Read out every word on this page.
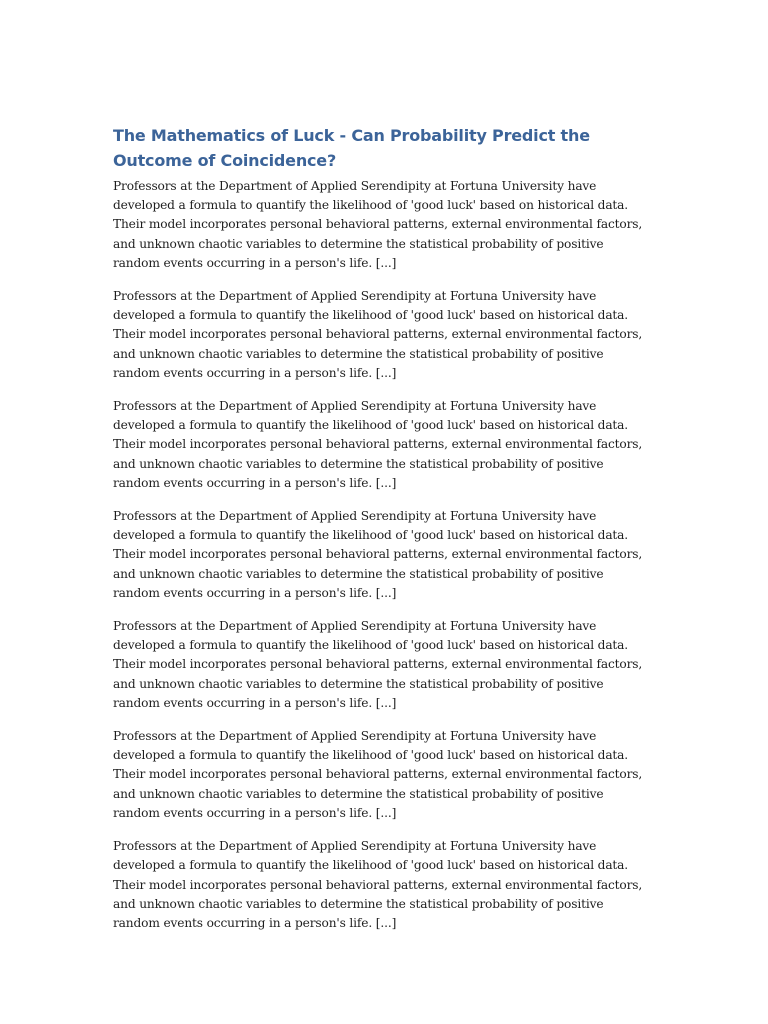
The Mathematics of Luck - Can Probability Predict the Outcome of Coincidence?

Professors at the Department of Applied Serendipity at Fortuna University have developed a formula to quantify the likelihood of 'good luck' based on historical data. Their model incorporates personal behavioral patterns, external environmental factors, and unknown chaotic variables to determine the statistical probability of positive random events occurring in a person's life. [...]

Professors at the Department of Applied Serendipity at Fortuna University have developed a formula to quantify the likelihood of 'good luck' based on historical data. Their model incorporates personal behavioral patterns, external environmental factors, and unknown chaotic variables to determine the statistical probability of positive random events occurring in a person's life. [...]

Professors at the Department of Applied Serendipity at Fortuna University have developed a formula to quantify the likelihood of 'good luck' based on historical data. Their model incorporates personal behavioral patterns, external environmental factors, and unknown chaotic variables to determine the statistical probability of positive random events occurring in a person's life. [...]

Professors at the Department of Applied Serendipity at Fortuna University have developed a formula to quantify the likelihood of 'good luck' based on historical data. Their model incorporates personal behavioral patterns, external environmental factors, and unknown chaotic variables to determine the statistical probability of positive random events occurring in a person's life. [...]

Professors at the Department of Applied Serendipity at Fortuna University have developed a formula to quantify the likelihood of 'good luck' based on historical data. Their model incorporates personal behavioral patterns, external environmental factors, and unknown chaotic variables to determine the statistical probability of positive random events occurring in a person's life. [...]

Professors at the Department of Applied Serendipity at Fortuna University have developed a formula to quantify the likelihood of 'good luck' based on historical data. Their model incorporates personal behavioral patterns, external environmental factors, and unknown chaotic variables to determine the statistical probability of positive random events occurring in a person's life. [...]

Professors at the Department of Applied Serendipity at Fortuna University have developed a formula to quantify the likelihood of 'good luck' based on historical data. Their model incorporates personal behavioral patterns, external environmental factors, and unknown chaotic variables to determine the statistical probability of positive random events occurring in a person's life. [...]
